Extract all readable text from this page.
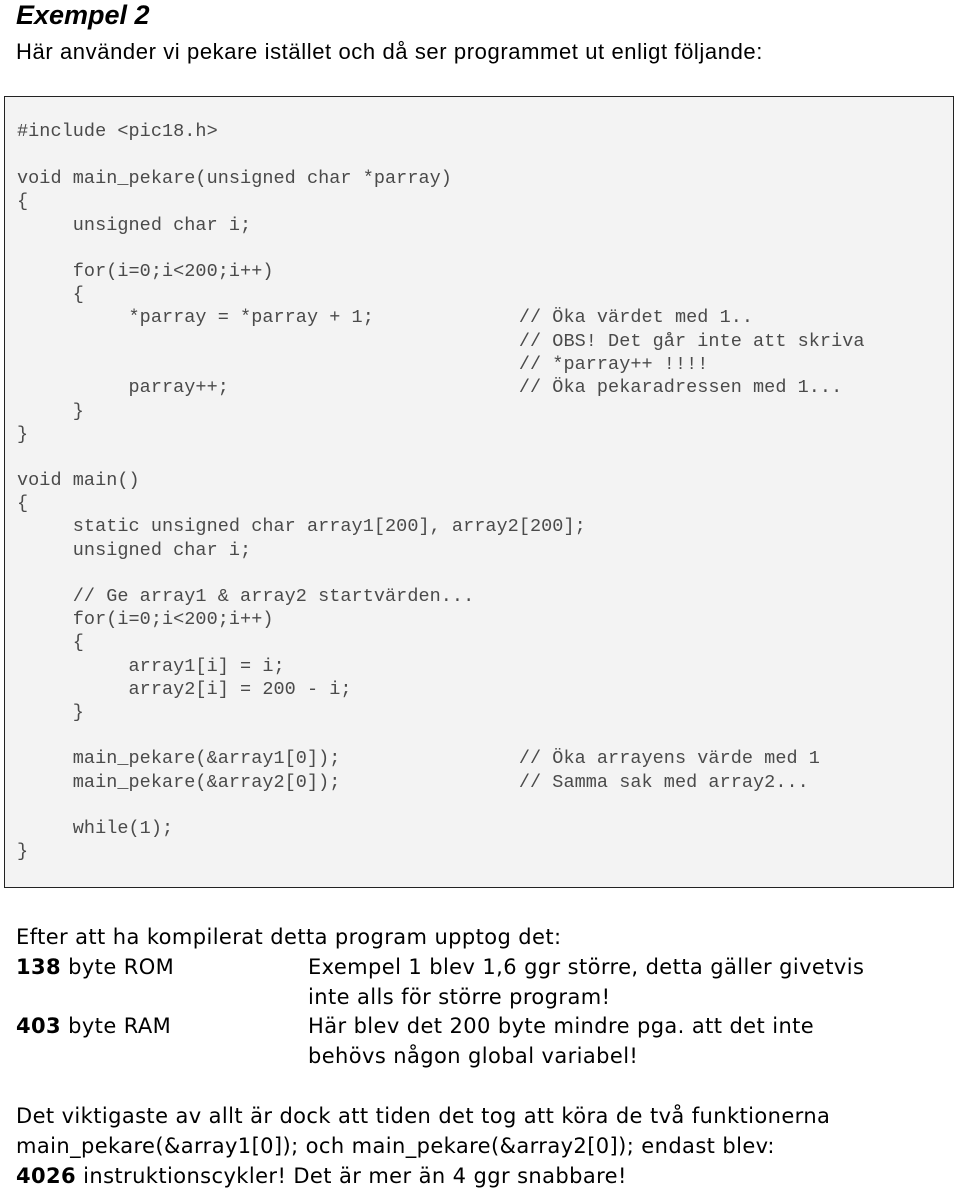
Exempel 2

Här använder vi pekare istället och då ser programmet ut enligt följande:

#include <pic18.h>
void main_pekare(unsigned char *parray)
{
unsigned char i;
for(i=0;i<200;i++)
{
*parray = *parray + 1;             // Öka värdet med 1..
// OBS! Det går inte att skriva
// *parray++ !!!!
parray++;                          // Öka pekaradressen med 1...
}
}
void main()
{
static unsigned char array1[200], array2[200];
unsigned char i;
// Ge array1 & array2 startvärden...
for(i=0;i<200;i++)
{
array1[i] = i;
array2[i] = 200 - i;
}
main_pekare(&array1[0]);                // Öka arrayens värde med 1
main_pekare(&array2[0]);                // Samma sak med array2...
while(1);
}
Efter att ha kompilerat detta program upptog det:
138 byte ROM	Exempel 1 blev 1,6 ggr större, detta gäller givetvis
inte alls för större program!
403 byte RAM	Här blev det 200 byte mindre pga. att det inte
behövs någon global variabel!
Det viktigaste av allt är dock att tiden det tog att köra de två funktionerna
main_pekare(&array1[0]); och main_pekare(&array2[0]); endast blev:
4026 instruktionscykler! Det är mer än 4 ggr snabbare!
